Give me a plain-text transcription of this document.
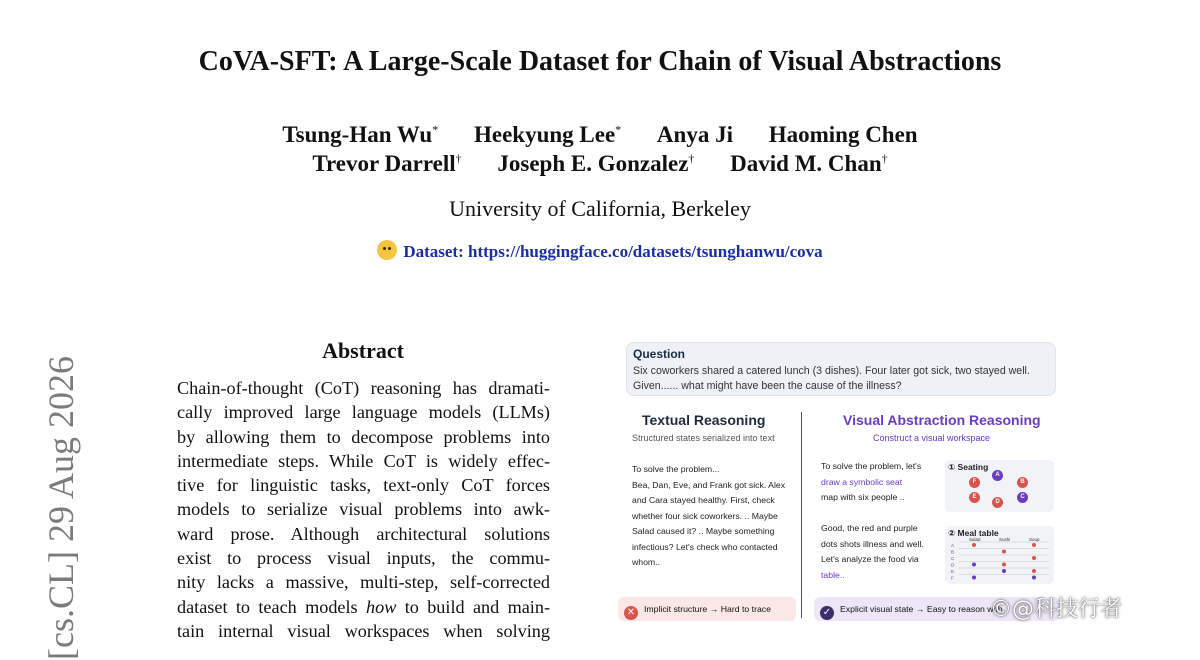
CoVA-SFT: A Large-Scale Dataset for Chain of Visual Abstractions
Tsung-Han Wu* Heekyung Lee* Anya Ji Haoming Chen
Trevor Darrell† Joseph E. Gonzalez† David M. Chan†
University of California, Berkeley
Dataset: https://huggingface.co/datasets/tsunghanwu/cova
[cs.CL] 29 Aug 2026
Abstract
Chain-of-thought (CoT) reasoning has dramati-
cally improved large language models (LLMs)
by allowing them to decompose problems into
intermediate steps. While CoT is widely effec-
tive for linguistic tasks, text-only CoT forces
models to serialize visual problems into awk-
ward prose. Although architectural solutions
exist to process visual inputs, the commu-
nity lacks a massive, multi-step, self-corrected
dataset to teach models how to build and main-
tain internal visual workspaces when solving
Question
Six coworkers shared a catered lunch (3 dishes). Four later got sick, two stayed well.
Given...... what might have been the cause of the illness?
Textual Reasoning
Structured states serialized into text
Visual Abstraction Reasoning
Construct a visual workspace
To solve the problem...
Bea, Dan, Eve, and Frank got sick. Alex
and Cara stayed healthy. First, check
whether four sick coworkers. .. Maybe
Salad caused it? .. Maybe something
infectious? Let's check who contacted
whom..
To solve the problem, let's
draw a symbolic seat
map with six people ..
Good, the red and purple
dots shots illness and well.
Let's analyze the food via
table..
① Seating
F
A
B
C
D
E
② Meal table
Salad	Sushi	Soup
A
B
C
D
E
F
✕ Implicit structure → Hard to trace	✓ Explicit visual state → Easy to reason with
©@科技行者
